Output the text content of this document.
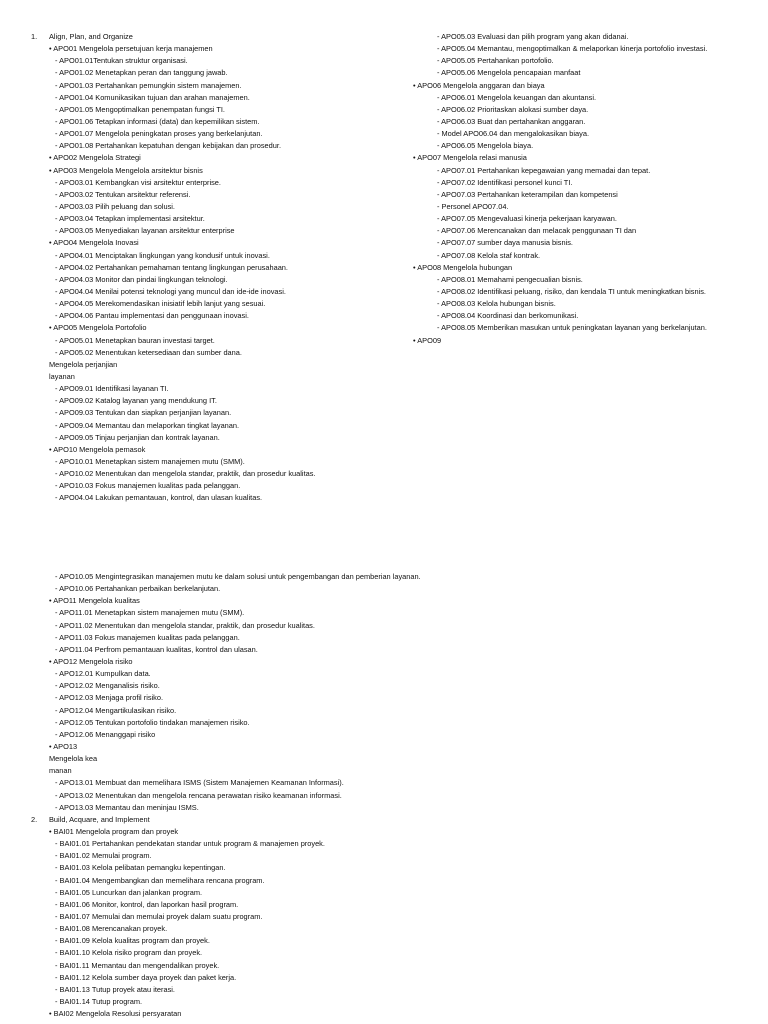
1. Align, Plan, and Organize
• APO01 Mengelola persetujuan kerja manajemen
- APO01.01Tentukan struktur organisasi.
- APO01.02 Menetapkan peran dan tanggung jawab.
- APO01.03 Pertahankan pemungkin sistem manajemen.
- APO01.04 Komunikasikan tujuan dan arahan manajemen.
- APO01.05 Mengoptimalkan penempatan fungsi TI.
- APO01.06 Tetapkan informasi (data) dan kepemilikan sistem.
- APO01.07 Mengelola peningkatan proses yang berkelanjutan.
- APO01.08 Pertahankan kepatuhan dengan kebijakan dan prosedur.
• APO02 Mengelola Strategi
• APO03 Mengelola Mengelola arsitektur bisnis
- APO03.01 Kembangkan visi arsitektur enterprise.
- APO03.02 Tentukan arsitektur referensi.
- APO03.03 Pilih peluang dan solusi.
- APO03.04 Tetapkan implementasi arsitektur.
- APO03.05 Menyediakan layanan arsitektur enterprise
• APO04 Mengelola Inovasi
- APO04.01 Menciptakan lingkungan yang kondusif untuk inovasi.
- APO04.02 Pertahankan pemahaman tentang lingkungan perusahaan.
- APO04.03 Monitor dan pindai lingkungan teknologi.
- APO04.04 Menilai potensi teknologi yang muncul dan ide-ide inovasi.
- APO04.05 Merekomendasikan inisiatif lebih lanjut yang sesuai.
- APO04.06 Pantau implementasi dan penggunaan inovasi.
• APO05 Mengelola Portofolio
- APO05.01 Menetapkan bauran investasi target.
- APO05.02 Menentukan ketersediaan dan sumber dana.
Mengelola perjanjian
layanan
- APO09.01 Identifikasi layanan TI.
- APO09.02 Katalog layanan yang mendukung IT.
- APO09.03 Tentukan dan siapkan perjanjian layanan.
- APO09.04 Memantau dan melaporkan tingkat layanan.
- APO09.05 Tinjau perjanjian dan kontrak layanan.
• APO10 Mengelola pemasok
- APO10.01 Menetapkan sistem manajemen mutu (SMM).
- APO10.02 Menentukan dan mengelola standar, praktik, dan prosedur kualitas.
- APO10.03 Fokus manajemen kualitas pada pelanggan.
- APO04.04 Lakukan pemantauan, kontrol, dan ulasan kualitas.
- APO05.03 Evaluasi dan pilih program yang akan didanai.
- APO05.04 Memantau, mengoptimalkan & melaporkan kinerja portofolio investasi.
- APO05.05 Pertahankan portofolio.
- APO05.06 Mengelola pencapaian manfaat
• APO06 Mengelola anggaran dan biaya
- APO06.01 Mengelola keuangan dan akuntansi.
- APO06.02 Prioritaskan alokasi sumber daya.
- APO06.03 Buat dan pertahankan anggaran.
- Model APO06.04 dan mengalokasikan biaya.
- APO06.05 Mengelola biaya.
• APO07 Mengelola relasi manusia
- APO07.01 Pertahankan kepegawaian yang memadai dan tepat.
- APO07.02 Identifikasi personel kunci TI.
- APO07.03 Pertahankan keterampilan dan kompetensi
- Personel APO07.04.
- APO07.05 Mengevaluasi kinerja pekerjaan karyawan.
- APO07.06 Merencanakan dan melacak penggunaan TI dan
- APO07.07 sumber daya manusia bisnis.
- APO07.08 Kelola staf kontrak.
• APO08 Mengelola hubungan
- APO08.01 Memahami pengecualian bisnis.
- APO08.02 Identifikasi peluang, risiko, dan kendala TI untuk meningkatkan bisnis.
- APO08.03 Kelola hubungan bisnis.
- APO08.04 Koordinasi dan berkomunikasi.
- APO08.05 Memberikan masukan untuk peningkatan layanan yang berkelanjutan.
• APO09
- APO10.05 Mengintegrasikan manajemen mutu ke dalam solusi untuk pengembangan dan pemberian layanan.
- APO10.06 Pertahankan perbaikan berkelanjutan.
• APO11 Mengelola kualitas
- APO11.01 Menetapkan sistem manajemen mutu (SMM).
- APO11.02 Menentukan dan mengelola standar, praktik, dan prosedur kualitas.
- APO11.03 Fokus manajemen kualitas pada pelanggan.
- APO11.04 Perfrom pemantauan kualitas, kontrol dan ulasan.
• APO12 Mengelola risiko
- APO12.01 Kumpulkan data.
- APO12.02 Menganalisis risiko.
- APO12.03 Menjaga profil risiko.
- APO12.04 Mengartikulasikan risiko.
- APO12.05 Tentukan portofolio tindakan manajemen risiko.
- APO12.06 Menanggapi risiko
• APO13
Mengelola kea
manan
- APO13.01 Membuat dan memelihara ISMS (Sistem Manajemen Keamanan Informasi).
- APO13.02 Menentukan dan mengelola rencana perawatan risiko keamanan informasi.
- APO13.03 Memantau dan meninjau ISMS.
2. Build, Acquare, and Implement
• BAI01 Mengelola program dan proyek
- BAI01.01 Pertahankan pendekatan standar untuk program & manajemen proyek.
- BAI01.02 Memulai program.
- BAI01.03 Kelola pelibatan pemangku kepentingan.
- BAI01.04 Mengembangkan dan memelihara rencana program.
- BAI01.05 Luncurkan dan jalankan program.
- BAI01.06 Monitor, kontrol, dan laporkan hasil program.
- BAI01.07 Memulai dan memulai proyek dalam suatu program.
- BAI01.08 Merencanakan proyek.
- BAI01.09 Kelola kualitas program dan proyek.
- BAI01.10 Kelola risiko program dan proyek.
- BAI01.11 Memantau dan mengendalikan proyek.
- BAI01.12 Kelola sumber daya proyek dan paket kerja.
- BAI01.13 Tutup proyek atau iterasi.
- BAI01.14 Tutup program.
• BAI02 Mengelola Resolusi persyaratan
